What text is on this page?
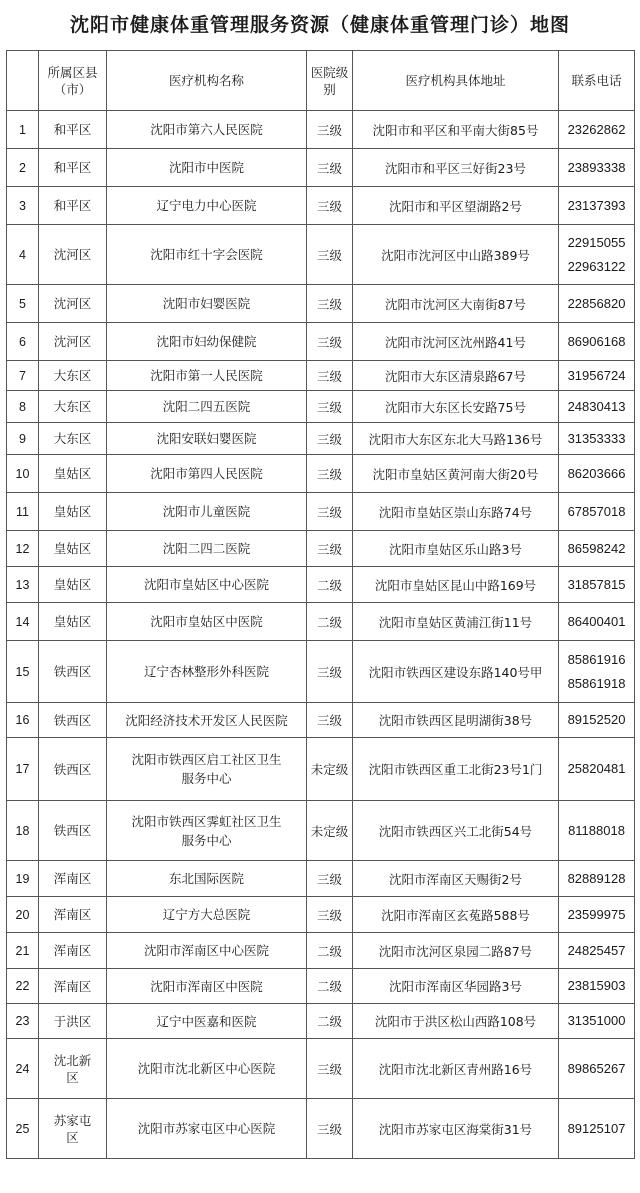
沈阳市健康体重管理服务资源（健康体重管理门诊）地图
	所属区县（市）	医疗机构名称	医院级别	医疗机构具体地址	联系电话
1	和平区	沈阳市第六人民医院	三级	沈阳市和平区和平南大街85号	23262862

2	和平区	沈阳市中医院	三级	沈阳市和平区三好街23号	23893338

3	和平区	辽宁电力中心医院	三级	沈阳市和平区望湖路2号	23137393

4	沈河区	沈阳市红十字会医院	三级	沈阳市沈河区中山路389号	22915055
22963122

5	沈河区	沈阳市妇婴医院	三级	沈阳市沈河区大南街87号	22856820

6	沈河区	沈阳市妇幼保健院	三级	沈阳市沈河区沈州路41号	86906168

7	大东区	沈阳市第一人民医院	三级	沈阳市大东区清泉路67号	31956724

8	大东区	沈阳二四五医院	三级	沈阳市大东区长安路75号	24830413

9	大东区	沈阳安联妇婴医院	三级	沈阳市大东区东北大马路136号	31353333

10	皇姑区	沈阳市第四人民医院	三级	沈阳市皇姑区黄河南大街20号	86203666

11	皇姑区	沈阳市儿童医院	三级	沈阳市皇姑区崇山东路74号	67857018

12	皇姑区	沈阳二四二医院	三级	沈阳市皇姑区乐山路3号	86598242

13	皇姑区	沈阳市皇姑区中心医院	二级	沈阳市皇姑区昆山中路169号	31857815

14	皇姑区	沈阳市皇姑区中医院	二级	沈阳市皇姑区黄浦江街11号	86400401

15	铁西区	辽宁杏林整形外科医院	三级	沈阳市铁西区建设东路140号甲	85861916
85861918

16	铁西区	沈阳经济技术开发区人民医院	三级	沈阳市铁西区昆明湖街38号	89152520

17	铁西区	沈阳市铁西区启工社区卫生
服务中心	未定级	沈阳市铁西区重工北街23号1门	25820481

18	铁西区	沈阳市铁西区霁虹社区卫生
服务中心	未定级	沈阳市铁西区兴工北街54号	81188018

19	浑南区	东北国际医院	三级	沈阳市浑南区天赐街2号	82889128

20	浑南区	辽宁方大总医院	三级	沈阳市浑南区玄菟路588号	23599975

21	浑南区	沈阳市浑南区中心医院	二级	沈阳市沈河区泉园二路87号	24825457

22	浑南区	沈阳市浑南区中医院	二级	沈阳市浑南区华园路3号	23815903

23	于洪区	辽宁中医嘉和医院	二级	沈阳市于洪区松山西路108号	31351000

24	沈北新区	沈阳市沈北新区中心医院	三级	沈阳市沈北新区青州路16号	89865267

25	苏家屯区	沈阳市苏家屯区中心医院	三级	沈阳市苏家屯区海棠街31号	89125107
